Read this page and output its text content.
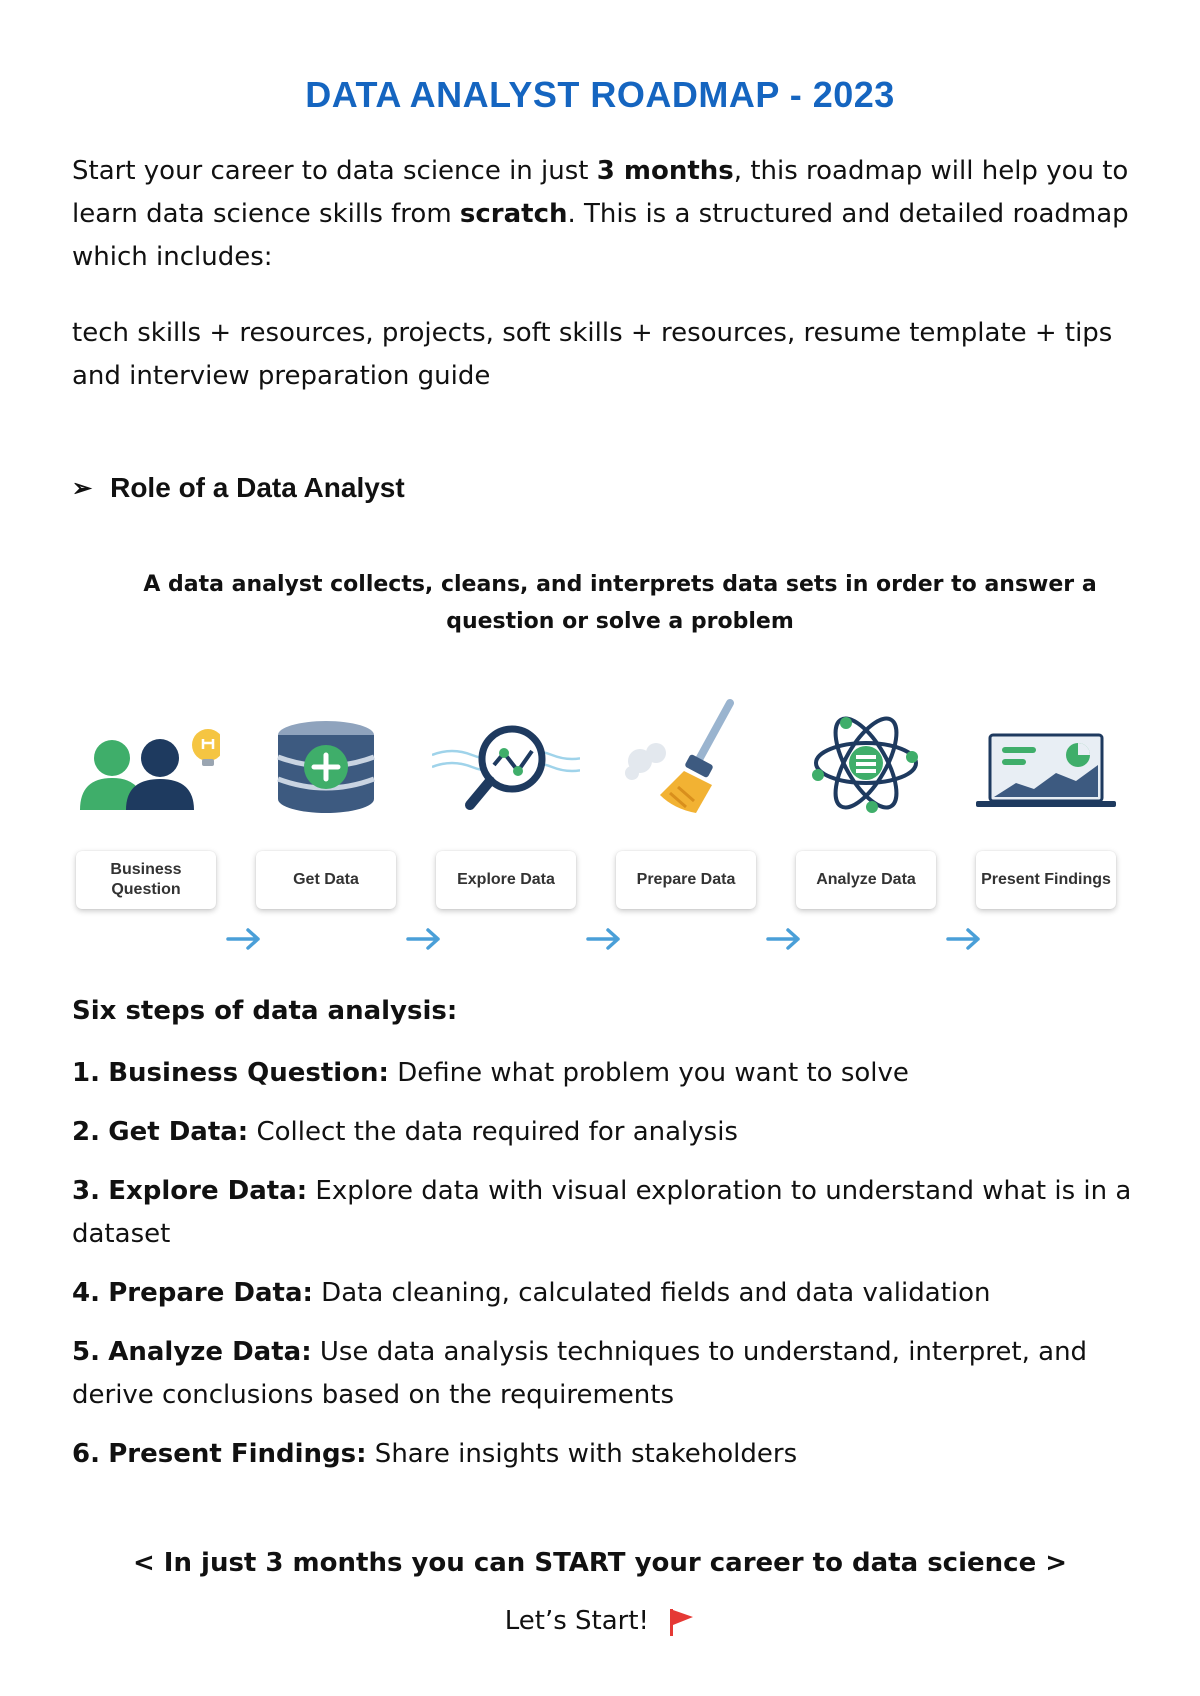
DATA ANALYST ROADMAP - 2023
Start your career to data science in just 3 months, this roadmap will help you to learn data science skills from scratch. This is a structured and detailed roadmap which includes:
tech skills + resources, projects, soft skills + resources, resume template + tips and interview preparation guide
➢ Role of a Data Analyst
A data analyst collects, cleans, and interprets data sets in order to answer a question or solve a problem
Business Question
Get Data	Explore Data	Prepare Data	Analyze Data	Present Findings
Six steps of data analysis:
1. Business Question: Define what problem you want to solve
2. Get Data: Collect the data required for analysis
3. Explore Data: Explore data with visual exploration to understand what is in a dataset
4. Prepare Data: Data cleaning, calculated fields and data validation
5. Analyze Data: Use data analysis techniques to understand, interpret, and derive conclusions based on the requirements
6. Present Findings: Share insights with stakeholders
< In just 3 months you can START your career to data science >
Let’s Start!
